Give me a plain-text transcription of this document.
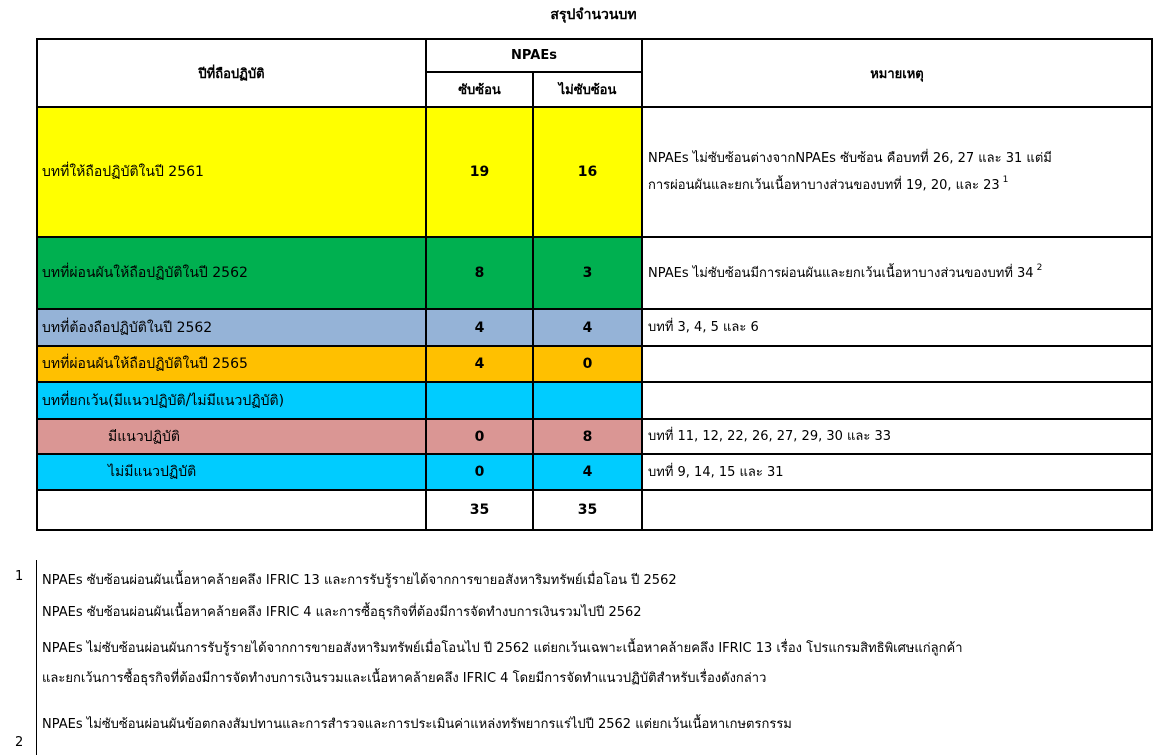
สรุปจำนวนบท
ปีที่ถือปฏิบัติ	NPAEs		หมายเหตุ
	ซับซ้อน	ไม่ซับซ้อน	
บทที่ให้ถือปฏิบัติในปี 2561	19	16	NPAEs ไม่ซับซ้อนต่างจากNPAEs ซับซ้อน คือบทที่ 26, 27 และ 31 แต่มี
การผ่อนผันและยกเว้นเนื้อหาบางส่วนของบทที่ 19, 20, และ 23 $^1$

บทที่ผ่อนผันให้ถือปฏิบัติในปี 2562	8	3	NPAEs ไม่ซับซ้อนมีการผ่อนผันและยกเว้นเนื้อหาบางส่วนของบทที่ 34 $^2$
บทที่ต้องถือปฏิบัติในปี 2562	4	4	บทที่ 3, 4, 5 และ 6
บทที่ผ่อนผันให้ถือปฏิบัติในปี 2565	4	0	
บทที่ยกเว้น(มีแนวปฏิบัติ/ไม่มีแนวปฏิบัติ)			
มีแนวปฏิบัติ	0	8	บทที่ 11, 12, 22, 26, 27, 29, 30 และ 33
ไม่มีแนวปฏิบัติ	0	4	บทที่ 9, 14, 15 และ 31
	35	35	
1 NPAEs ซับซ้อนผ่อนผันเนื้อหาคล้ายคลึง IFRIC 13 และการรับรู้รายได้จากการขายอสังหาริมทรัพย์เมื่อโอน ปี 2562
NPAEs ซับซ้อนผ่อนผันเนื้อหาคล้ายคลึง IFRIC 4 และการซื้อธุรกิจที่ต้องมีการจัดทำงบการเงินรวมไปปี 2562
NPAEs ไม่ซับซ้อนผ่อนผันการรับรู้รายได้จากการขายอสังหาริมทรัพย์เมื่อโอนไป ปี 2562 แต่ยกเว้นเฉพาะเนื้อหาคล้ายคลึง IFRIC 13 เรื่อง โปรแกรมสิทธิพิเศษแก่ลูกค้า
และยกเว้นการซื้อธุรกิจที่ต้องมีการจัดทำงบการเงินรวมและเนื้อหาคล้ายคลึง IFRIC 4 โดยมีการจัดทำแนวปฏิบัติสำหรับเรื่องดังกล่าว
NPAEs ไม่ซับซ้อนผ่อนผันข้อตกลงสัมปทานและการสำรวจและการประเมินค่าแหล่งทรัพยากรแร่ไปปี 2562 แต่ยกเว้นเนื้อหาเกษตรกรรม
2
